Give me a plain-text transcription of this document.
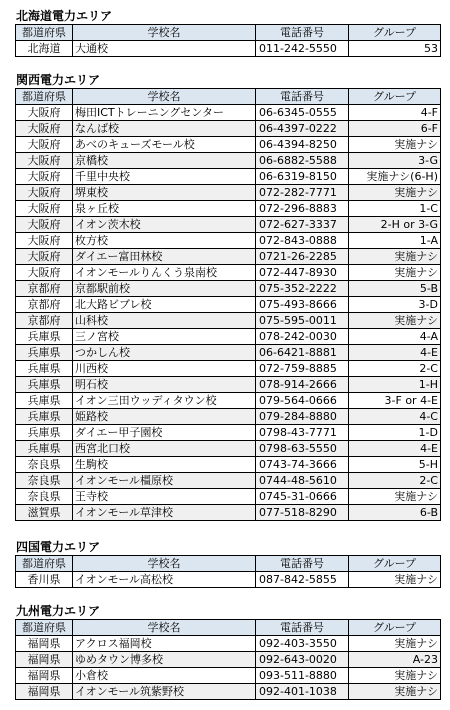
北海道電力エリア
都道府県	学校名	電話番号	グループ
北海道	大通校	011-242-5550	53
関西電力エリア
都道府県	学校名	電話番号	グループ
大阪府	梅田ICTトレーニングセンター	06-6345-0555	4-F
大阪府	なんば校	06-4397-0222	6-F
大阪府	あべのキューズモール校	06-4394-8250	実施ナシ
大阪府	京橋校	06-6882-5588	3-G
大阪府	千里中央校	06-6319-8150	実施ナシ(6-H)
大阪府	堺東校	072-282-7771	実施ナシ
大阪府	泉ヶ丘校	072-296-8883	1-C
大阪府	イオン茨木校	072-627-3337	2-H or 3-G
大阪府	枚方校	072-843-0888	1-A
大阪府	ダイエー富田林校	0721-26-2285	実施ナシ
大阪府	イオンモールりんくう泉南校	072-447-8930	実施ナシ
京都府	京都駅前校	075-352-2222	5-B
京都府	北大路ビブレ校	075-493-8666	3-D
京都府	山科校	075-595-0011	実施ナシ
兵庫県	三ノ宮校	078-242-0030	4-A
兵庫県	つかしん校	06-6421-8881	4-E
兵庫県	川西校	072-759-8885	2-C
兵庫県	明石校	078-914-2666	1-H
兵庫県	イオン三田ウッディタウン校	079-564-0666	3-F or 4-E
兵庫県	姫路校	079-284-8880	4-C
兵庫県	ダイエー甲子園校	0798-43-7771	1-D
兵庫県	西宮北口校	0798-63-5550	4-E
奈良県	生駒校	0743-74-3666	5-H
奈良県	イオンモール橿原校	0744-48-5610	2-C
奈良県	王寺校	0745-31-0666	実施ナシ
滋賀県	イオンモール草津校	077-518-8290	6-B
四国電力エリア
都道府県	学校名	電話番号	グループ
香川県	イオンモール高松校	087-842-5855	実施ナシ
九州電力エリア
都道府県	学校名	電話番号	グループ
福岡県	アクロス福岡校	092-403-3550	実施ナシ
福岡県	ゆめタウン博多校	092-643-0020	A-23
福岡県	小倉校	093-511-8880	実施ナシ
福岡県	イオンモール筑紫野校	092-401-1038	実施ナシ
